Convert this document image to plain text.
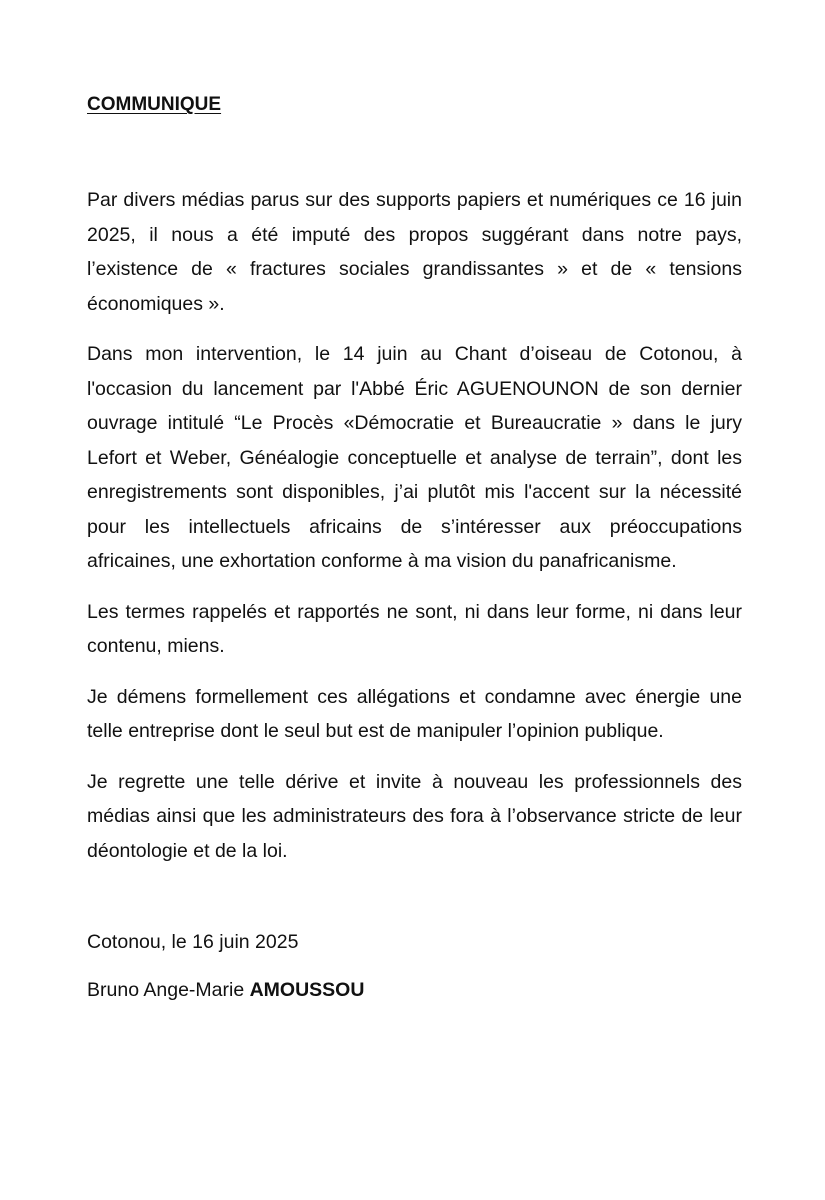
COMMUNIQUE

Par divers médias parus sur des supports papiers et numériques ce 16 juin 2025, il nous a été imputé des propos suggérant dans notre pays, l’existence de « fractures sociales grandissantes » et de « tensions économiques ».

Dans mon intervention, le 14 juin au Chant d’oiseau de Cotonou, à l'occasion du lancement par l'Abbé Éric AGUENOUNON de son dernier ouvrage intitulé “Le Procès «Démocratie et Bureaucratie » dans le jury Lefort et Weber, Généalogie conceptuelle et analyse de terrain”, dont les enregistrements sont disponibles, j’ai plutôt mis l'accent sur la nécessité pour les intellectuels africains de s’intéresser aux préoccupations africaines, une exhortation conforme à ma vision du panafricanisme.

Les termes rappelés et rapportés ne sont, ni dans leur forme, ni dans leur contenu, miens.

Je démens formellement ces allégations et condamne avec énergie une telle entreprise dont le seul but est de manipuler l’opinion publique.

Je regrette une telle dérive et invite à nouveau les professionnels des médias ainsi que les administrateurs des fora à l’observance stricte de leur déontologie et de la loi.

Cotonou, le 16 juin 2025
Bruno Ange-Marie AMOUSSOU
